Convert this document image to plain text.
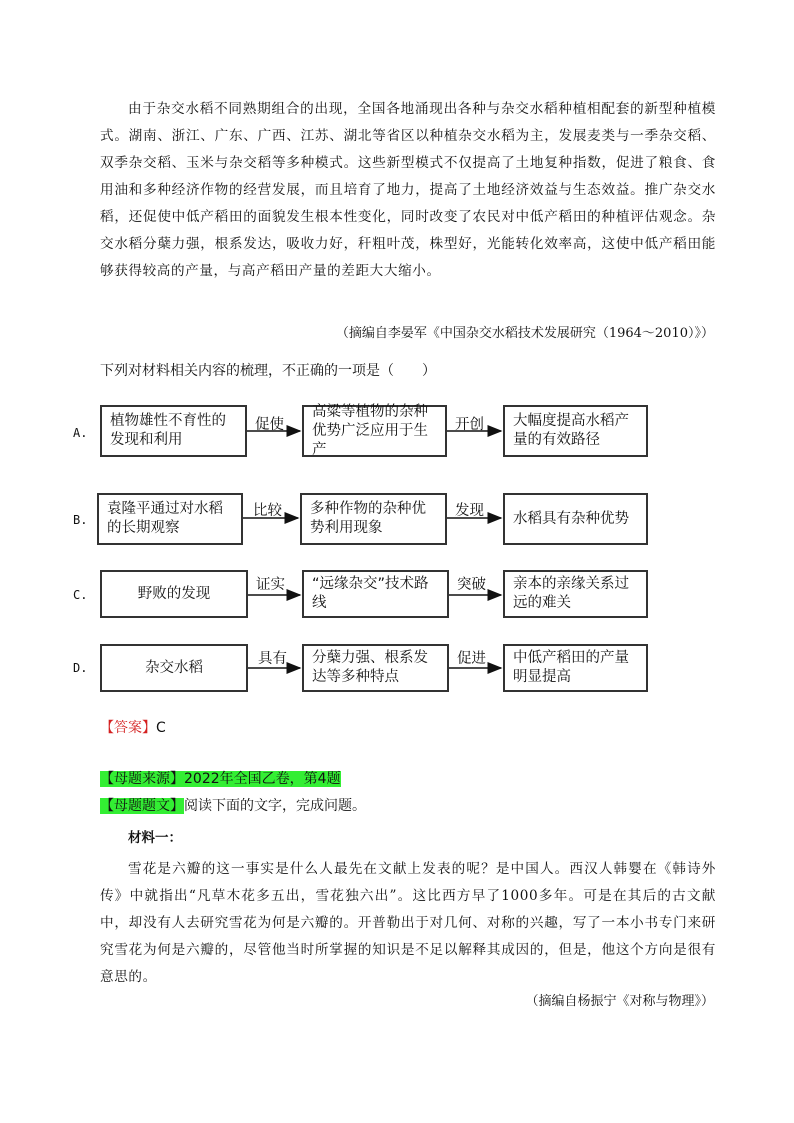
由于杂交水稻不同熟期组合的出现，全国各地涌现出各种与杂交水稻种植相配套的新型种植模式。湖南、浙江、广东、广西、江苏、湖北等省区以种植杂交水稻为主，发展麦类与一季杂交稻、双季杂交稻、玉米与杂交稻等多种模式。这些新型模式不仅提高了土地复种指数，促进了粮食、食用油和多种经济作物的经营发展，而且培育了地力，提高了土地经济效益与生态效益。推广杂交水稻，还促使中低产稻田的面貌发生根本性变化，同时改变了农民对中低产稻田的种植评估观念。杂交水稻分蘖力强，根系发达，吸收力好，秆粗叶茂，株型好，光能转化效率高，这使中低产稻田能够获得较高的产量，与高产稻田产量的差距大大缩小。

（摘编自李晏军《中国杂交水稻技术发展研究（1964～2010）》）
下列对材料相关内容的梳理，不正确的一项是（　　）
A.
植物雄性不育性的发现和利用
促使
高粱等植物的杂种优势广泛应用于生产
开创	大幅度提高水稻产量的有效路径
B.
袁隆平通过对水稻的长期观察
比较	多种作物的杂种优势利用现象
发现	水稻具有杂种优势
C.	野败的发现
证实	“远缘杂交”技术路线
突破	亲本的亲缘关系过远的难关
D.	杂交水稻
具有	分蘖力强、根系发达等多种特点
促进	中低产稻田的产量明显提高
【答案】C
【母题来源】2022年全国乙卷，第4题
【母题题文】阅读下面的文字，完成问题。
材料一：

雪花是六瓣的这一事实是什么人最先在文献上发表的呢？是中国人。西汉人韩婴在《韩诗外传》中就指出“凡草木花多五出，雪花独六出”。这比西方早了1000多年。可是在其后的古文献中，却没有人去研究雪花为何是六瓣的。开普勒出于对几何、对称的兴趣，写了一本小书专门来研究雪花为何是六瓣的，尽管他当时所掌握的知识是不足以解释其成因的，但是，他这个方向是很有意思的。

（摘编自杨振宁《对称与物理》）
